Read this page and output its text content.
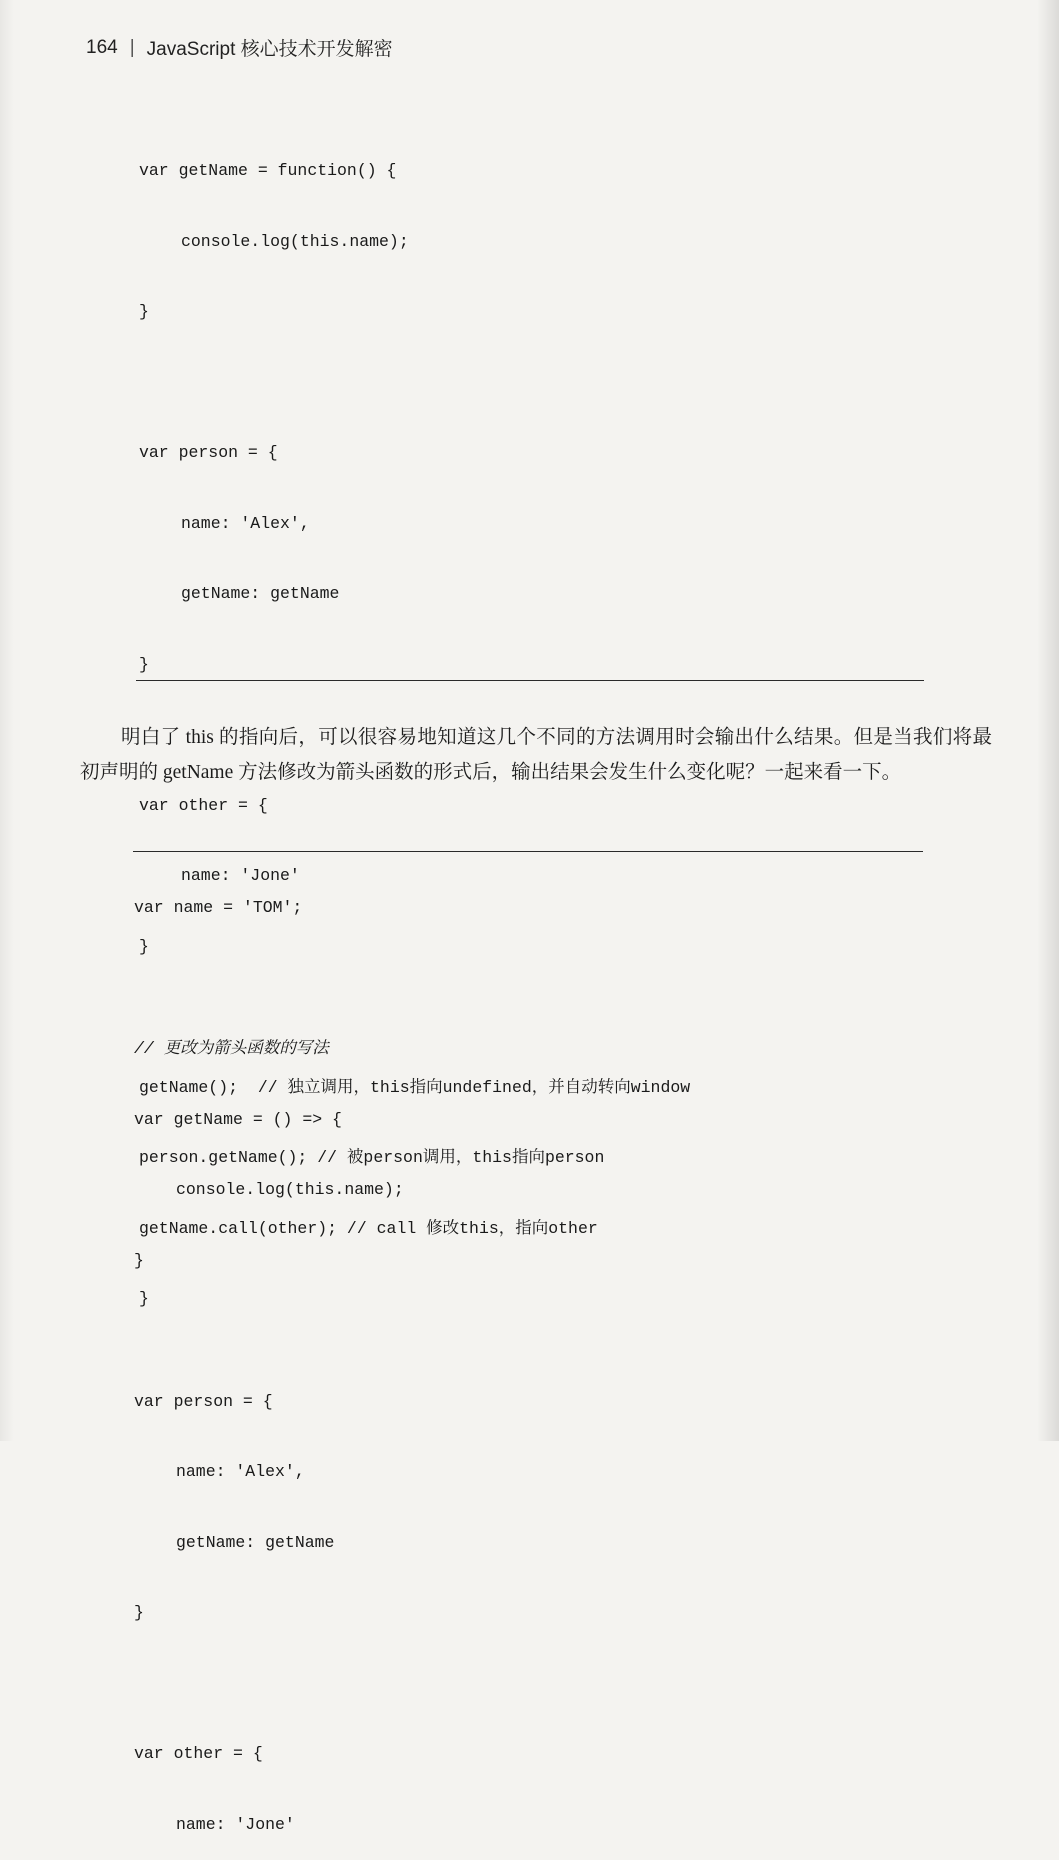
164 | JavaScript 核心技术开发解密

var getName = function() {

console.log(this.name);

}

var person = {

name: 'Alex',

getName: getName

}

var other = {

name: 'Jone'

}

getName();  // 独立调用，this指向undefined，并自动转向window

person.getName(); // 被person调用，this指向person

getName.call(other); // call 修改this，指向other

}

明白了 this 的指向后，可以很容易地知道这几个不同的方法调用时会输出什么结果。但是当我们将最初声明的 getName 方法修改为箭头函数的形式后，输出结果会发生什么变化呢？一起来看一下。

var name = 'TOM';

// 更改为箭头函数的写法

var getName = () => {

console.log(this.name);

}

var person = {

name: 'Alex',

getName: getName

}

var other = {

name: 'Jone'
